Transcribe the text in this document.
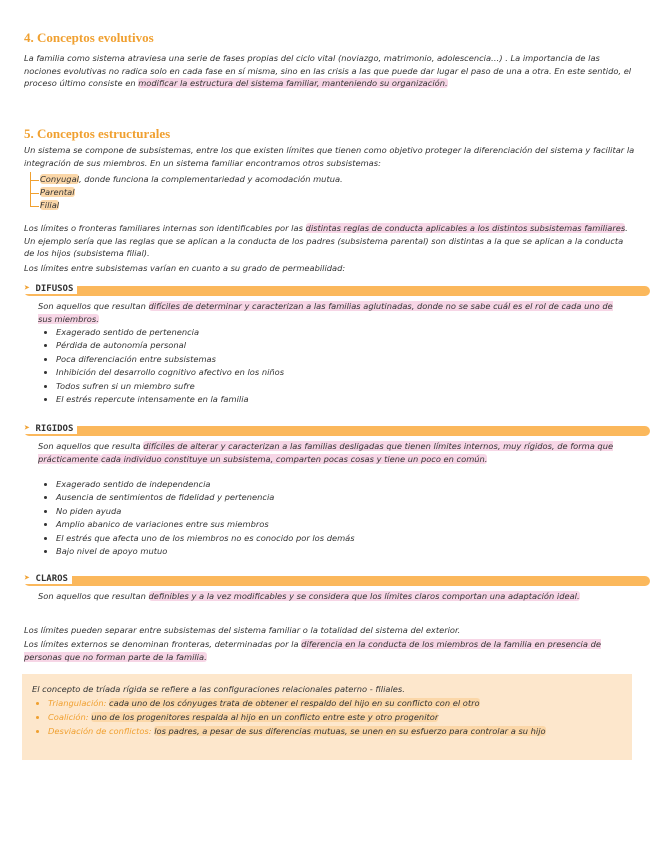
4. Conceptos evolutivos
La familia como sistema atraviesa una serie de fases propias del ciclo vital (noviazgo, matrimonio, adolescencia…) . La importancia de las nociones evolutivas no radica solo en cada fase en sí misma, sino en las crisis a las que puede dar lugar el paso de una a otra. En este sentido, el proceso último consiste en modificar la estructura del sistema familiar, manteniendo su organización.
5. Conceptos estructurales
Un sistema se compone de subsistemas, entre los que existen límites que tienen como objetivo proteger la diferenciación del sistema y facilitar la integración de sus miembros. En un sistema familiar encontramos otros subsistemas:
Conyugal, donde funciona la complementariedad y acomodación mutua.
Parental
Filial
Los límites o fronteras familiares internas son identificables por las distintas reglas de conducta aplicables a los distintos subsistemas familiares. Un ejemplo sería que las reglas que se aplican a la conducta de los padres (subsistema parental) son distintas a la que se aplican a la conducta de los hijos (subsistema filial).
Los límites entre subsistemas varían en cuanto a su grado de permeabilidad:
➤ DIFUSOS
Son aquellos que resultan difíciles de determinar y caracterizan a las familias aglutinadas, donde no se sabe cuál es el rol de cada uno de sus miembros.
• Exagerado sentido de pertenencia
• Pérdida de autonomía personal
• Poca diferenciación entre subsistemas
• Inhibición del desarrollo cognitivo afectivo en los niños
• Todos sufren si un miembro sufre
• El estrés repercute intensamente en la familia
➤ RIGIDOS
Son aquellos que resulta difíciles de alterar y caracterizan a las familias desligadas que tienen límites internos, muy rígidos, de forma que prácticamente cada individuo constituye un subsistema, comparten pocas cosas y tiene un poco en común.
• Exagerado sentido de independencia
• Ausencia de sentimientos de fidelidad y pertenencia
• No piden ayuda
• Amplio abanico de variaciones entre sus miembros
• El estrés que afecta uno de los miembros no es conocido por los demás
• Bajo nivel de apoyo mutuo
➤ CLAROS
Son aquellos que resultan definibles y a la vez modificables y se considera que los límites claros comportan una adaptación ideal.
Los límites pueden separar entre subsistemas del sistema familiar o la totalidad del sistema del exterior.
Los límites externos se denominan fronteras, determinadas por la diferencia en la conducta de los miembros de la familia en presencia de personas que no forman parte de la familia.
El concepto de tríada rígida se refiere a las configuraciones relacionales paterno - filiales.
• Triangulación: cada uno de los cónyuges trata de obtener el respaldo del hijo en su conflicto con el otro
• Coalición: uno de los progenitores respalda al hijo en un conflicto entre este y otro progenitor
• Desviación de conflictos: los padres, a pesar de sus diferencias mutuas, se unen en su esfuerzo para controlar a su hijo
